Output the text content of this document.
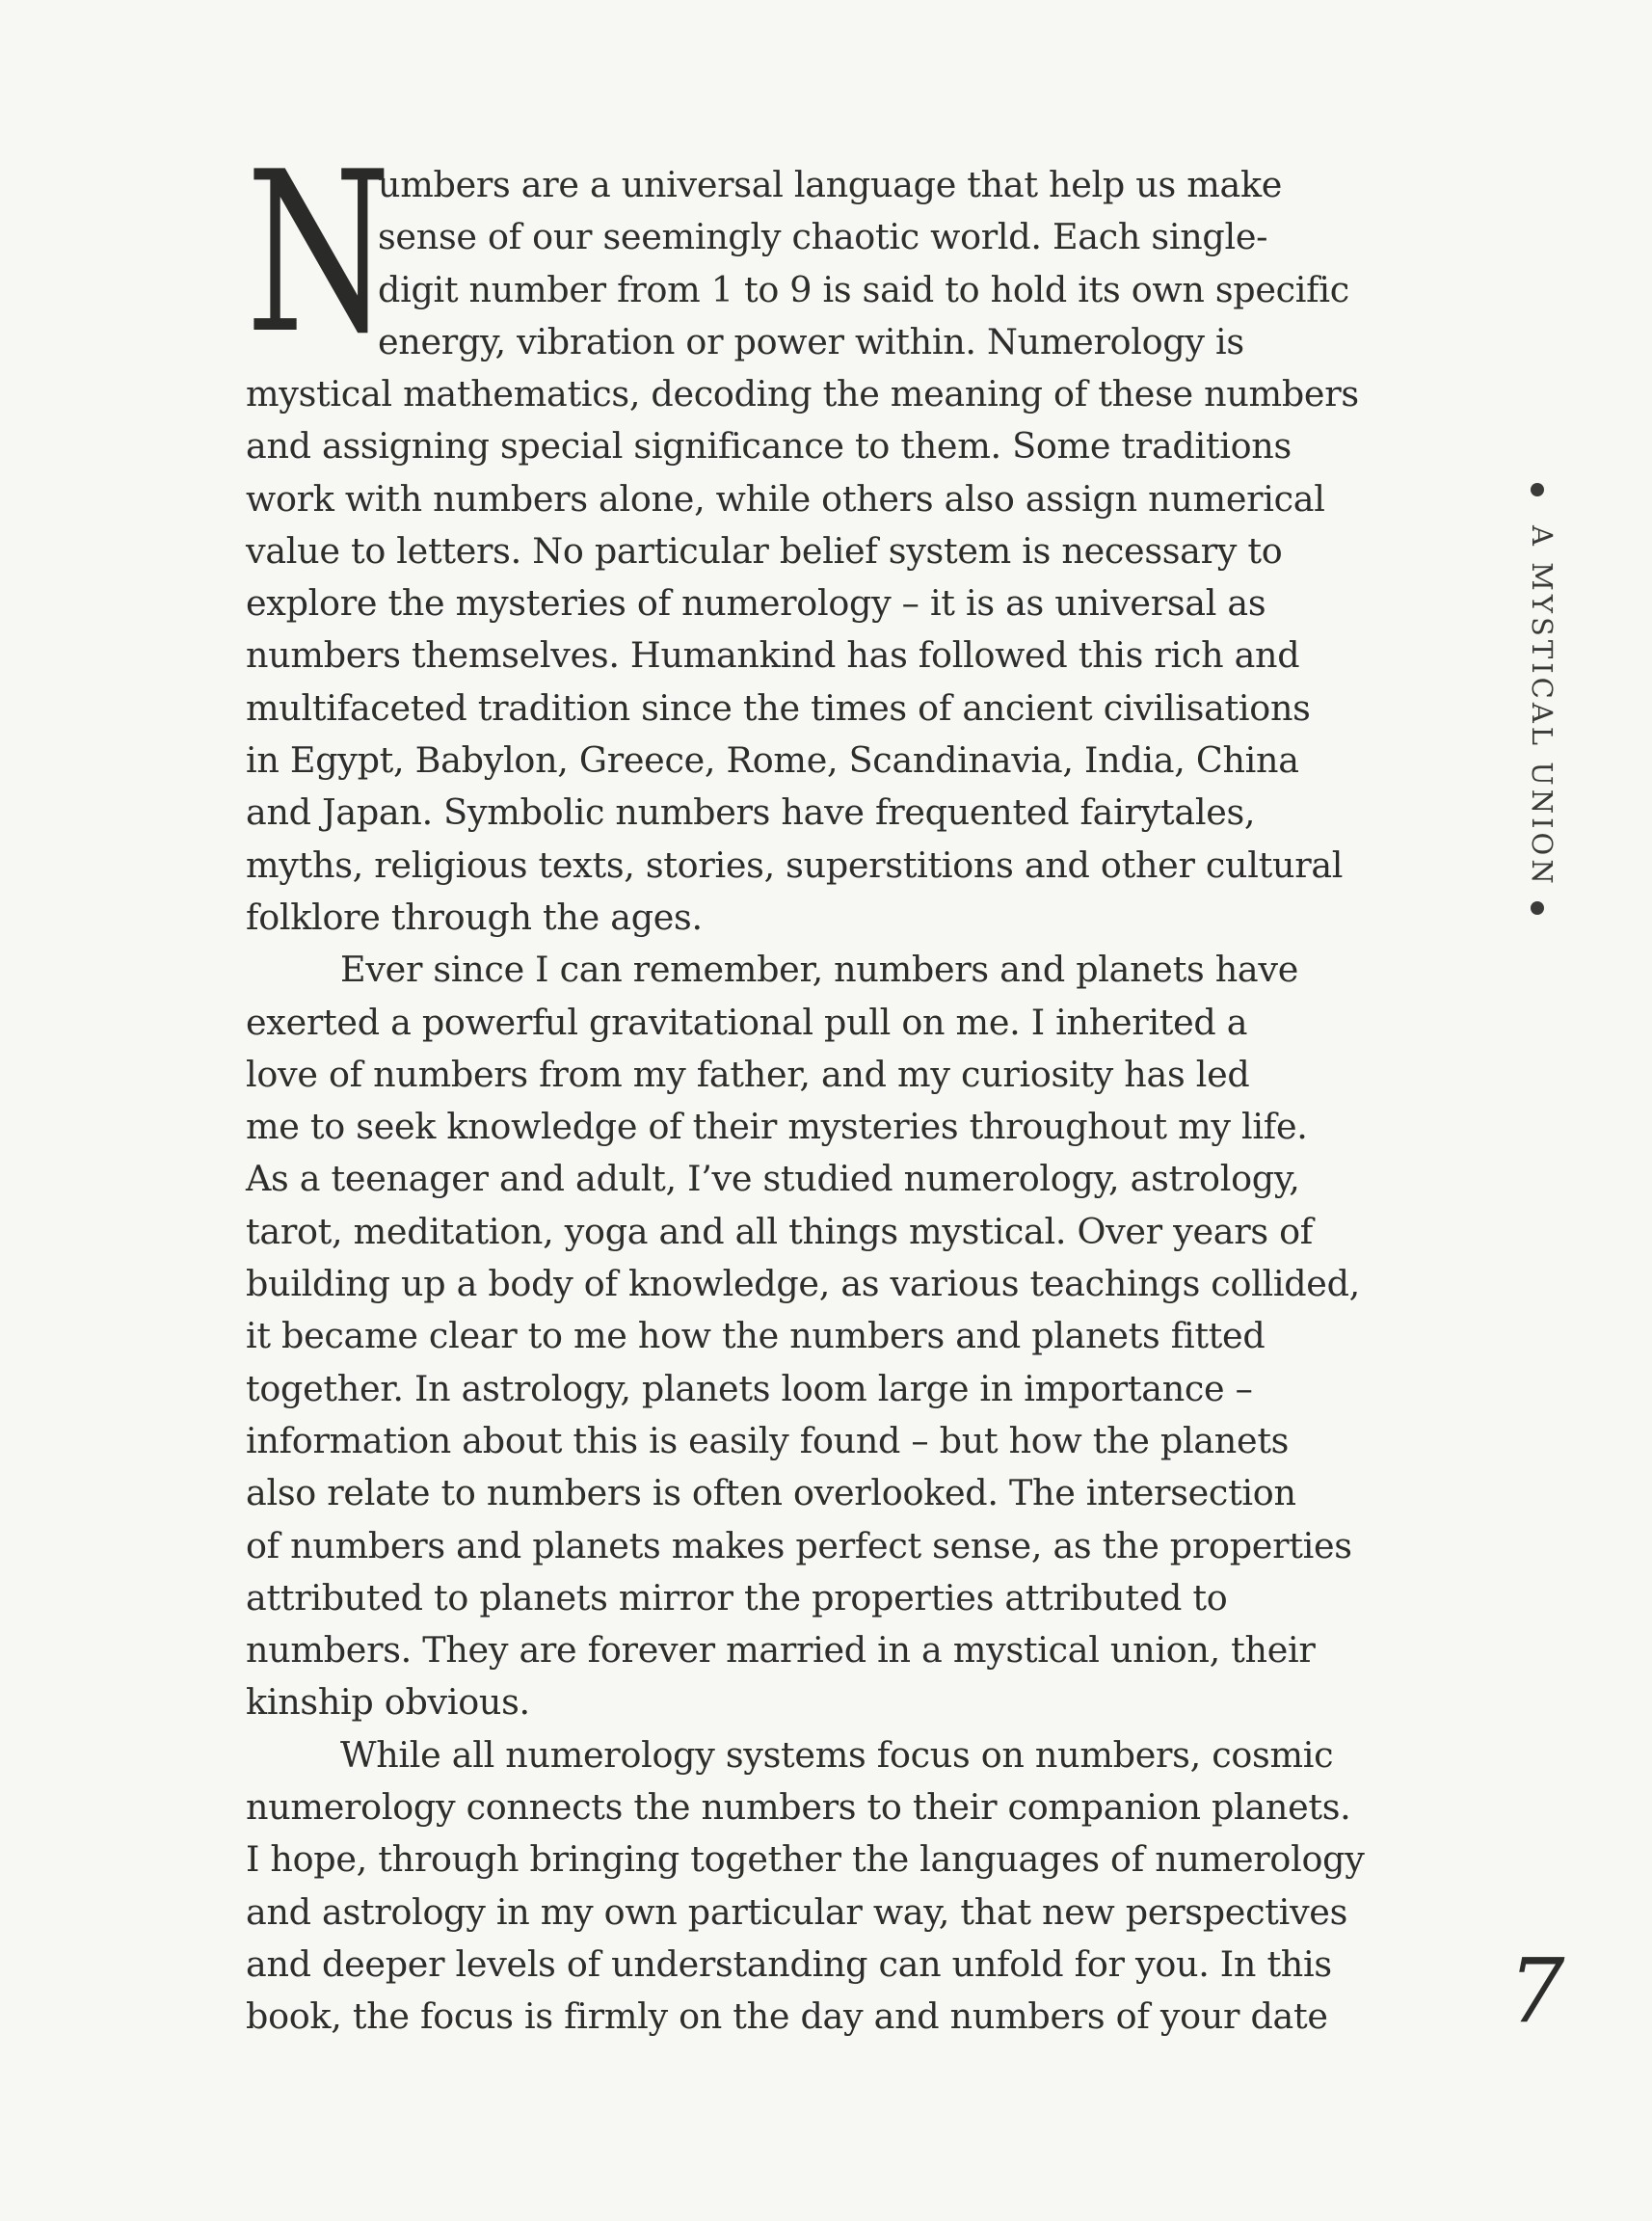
N
umbers are a universal language that help us make
sense of our seemingly chaotic world. Each single-
digit number from 1 to 9 is said to hold its own specific
energy, vibration or power within. Numerology is
mystical mathematics, decoding the meaning of these numbers
and assigning special significance to them. Some traditions
work with numbers alone, while others also assign numerical
value to letters. No particular belief system is necessary to
explore the mysteries of numerology – it is as universal as
numbers themselves. Humankind has followed this rich and
multifaceted tradition since the times of ancient civilisations
in Egypt, Babylon, Greece, Rome, Scandinavia, India, China
and Japan. Symbolic numbers have frequented fairytales,
myths, religious texts, stories, superstitions and other cultural
folklore through the ages.
Ever since I can remember, numbers and planets have
exerted a powerful gravitational pull on me. I inherited a
love of numbers from my father, and my curiosity has led
me to seek knowledge of their mysteries throughout my life.
As a teenager and adult, I’ve studied numerology, astrology,
tarot, meditation, yoga and all things mystical. Over years of
building up a body of knowledge, as various teachings collided,
it became clear to me how the numbers and planets fitted
together. In astrology, planets loom large in importance –
information about this is easily found – but how the planets
also relate to numbers is often overlooked. The intersection
of numbers and planets makes perfect sense, as the properties
attributed to planets mirror the properties attributed to
numbers. They are forever married in a mystical union, their
kinship obvious.
While all numerology systems focus on numbers, cosmic
numerology connects the numbers to their companion planets.
I hope, through bringing together the languages of numerology
and astrology in my own particular way, that new perspectives
and deeper levels of understanding can unfold for you. In this
book, the focus is firmly on the day and numbers of your date
A MYSTICAL UNION
7
